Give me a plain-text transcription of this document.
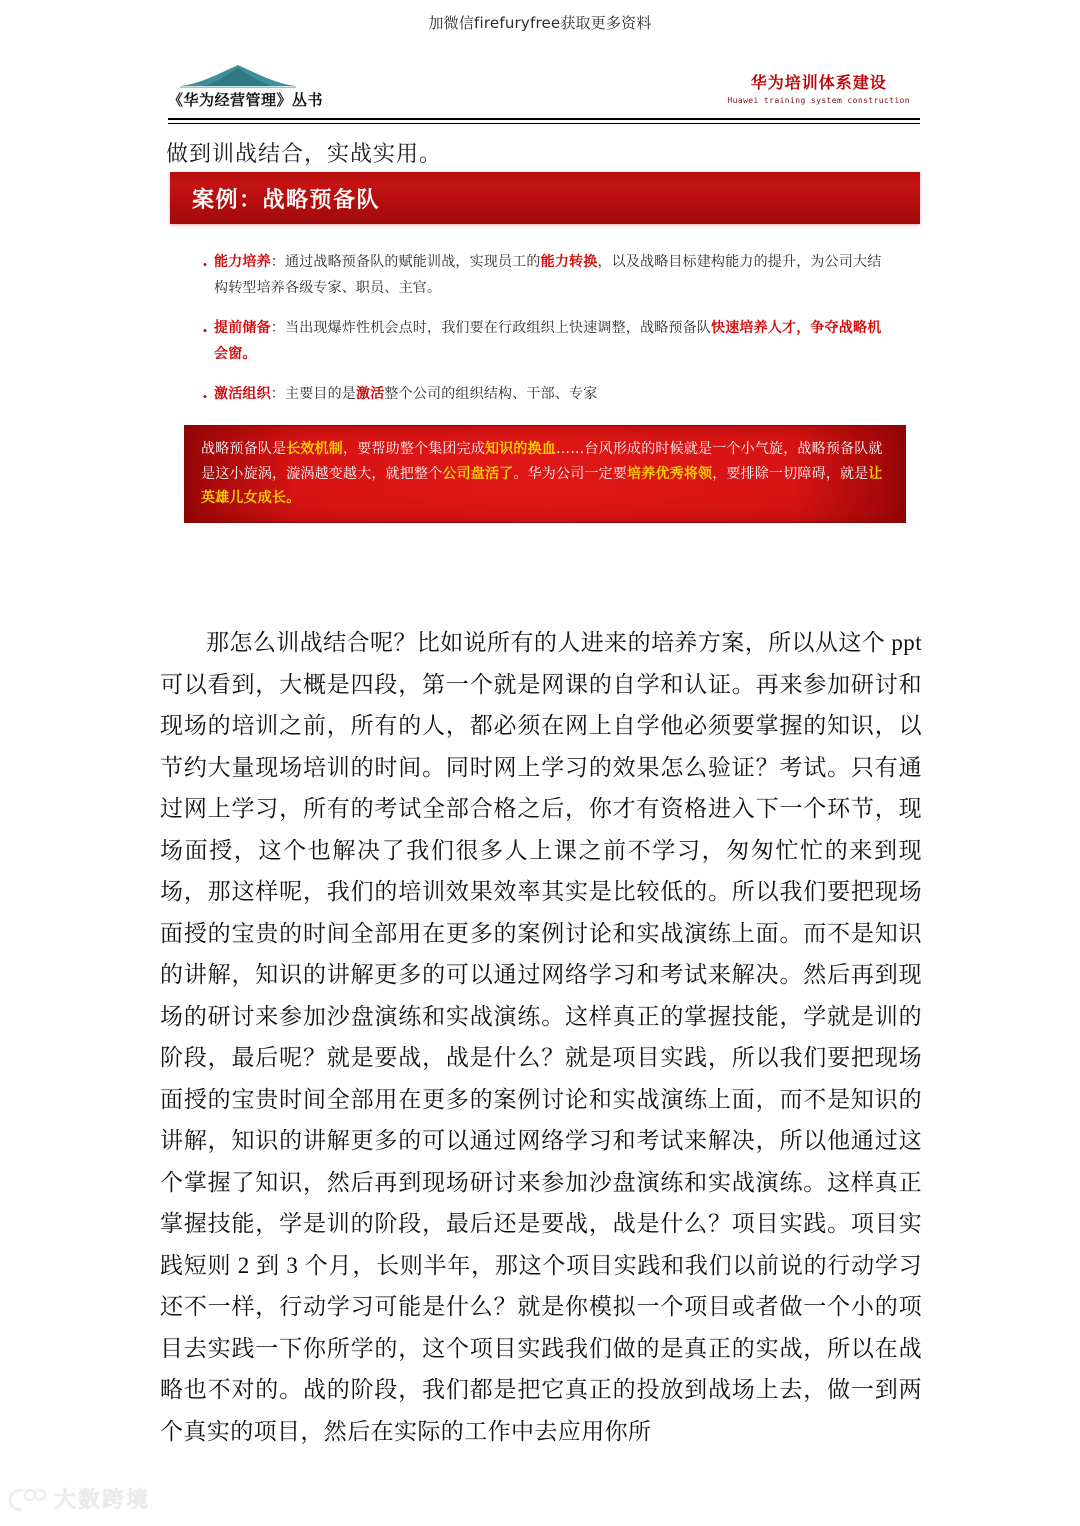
加微信firefuryfree获取更多资料
《华为经营管理》丛书
华为培训体系建设
Huawei training system construction
做到训战结合，实战实用。
案例：战略预备队
• 能力培养：通过战略预备队的赋能训战，实现员工的能力转换，以及战略目标建构能力的提升，为公司大结构转型培养各级专家、职员、主官。
• 提前储备：当出现爆炸性机会点时，我们要在行政组织上快速调整，战略预备队快速培养人才，争夺战略机会窗。
• 激活组织：主要目的是激活整个公司的组织结构、干部、专家
战略预备队是长效机制，要帮助整个集团完成知识的换血……台风形成的时候就是一个小气旋，战略预备队就是这小旋涡，漩涡越变越大，就把整个公司盘活了。华为公司一定要培养优秀将领，要排除一切障碍，就是让英雄儿女成长。
那怎么训战结合呢？比如说所有的人进来的培养方案，所以从这个 ppt 可以看到，大概是四段，第一个就是网课的自学和认证。再来参加研讨和现场的培训之前，所有的人，都必须在网上自学他必须要掌握的知识，以节约大量现场培训的时间。同时网上学习的效果怎么验证？考试。只有通过网上学习，所有的考试全部合格之后，你才有资格进入下一个环节，现场面授，这个也解决了我们很多人上课之前不学习，匆匆忙忙的来到现场，那这样呢，我们的培训效果效率其实是比较低的。所以我们要把现场面授的宝贵的时间全部用在更多的案例讨论和实战演练上面。而不是知识的讲解，知识的讲解更多的可以通过网络学习和考试来解决。然后再到现场的研讨来参加沙盘演练和实战演练。这样真正的掌握技能，学就是训的阶段，最后呢？就是要战，战是什么？就是项目实践，所以我们要把现场面授的宝贵时间全部用在更多的案例讨论和实战演练上面，而不是知识的讲解，知识的讲解更多的可以通过网络学习和考试来解决，所以他通过这个掌握了知识，然后再到现场研讨来参加沙盘演练和实战演练。这样真正掌握技能，学是训的阶段，最后还是要战，战是什么？项目实践。项目实践短则 2 到 3 个月，长则半年，那这个项目实践和我们以前说的行动学习还不一样，行动学习可能是什么？就是你模拟一个项目或者做一个小的项目去实践一下你所学的，这个项目实践我们做的是真正的实战，所以在战略也不对的。战的阶段，我们都是把它真正的投放到战场上去，做一到两个真实的项目，然后在实际的工作中去应用你所
大数跨境
